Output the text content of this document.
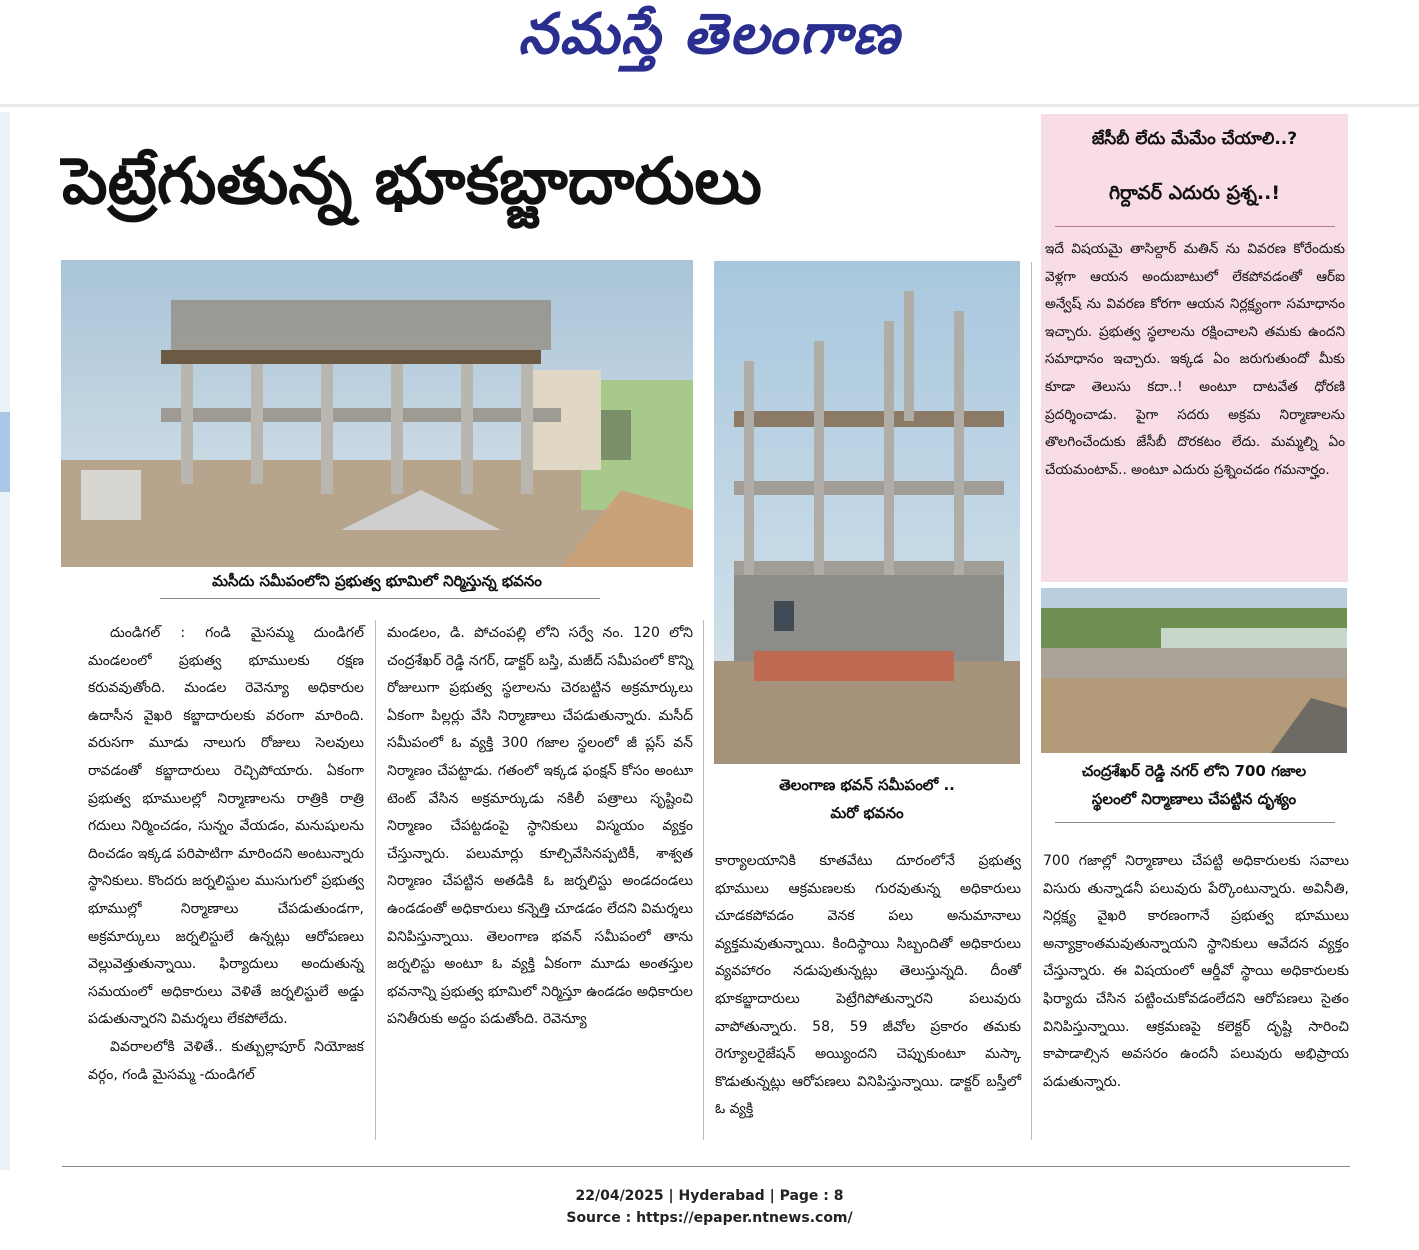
నమస్తే తెలంగాణ
పెట్రేగుతున్న భూకబ్జాదారులు
మసీదు సమీపంలోని ప్రభుత్వ భూమిలో నిర్మిస్తున్న భవనం
తెలంగాణ భవన్ సమీపంలో ..
మరో భవనం
జేసీబీ లేదు మేమేం చేయాలి..?
గిర్దావర్ ఎదురు ప్రశ్న..!
ఇదే విషయమై తాసిల్దార్ మతిన్ ను వివరణ కోరేందుకు వెళ్లగా ఆయన అందుబాటులో లేకపోవడంతో ఆర్ఐ అన్వేష్ ను వివరణ కోరగా ఆయన నిర్లక్ష్యంగా సమాధానం ఇచ్చారు. ప్రభుత్వ స్థలాలను రక్షించాలని తమకు ఉందని సమాధానం ఇచ్చారు. ఇక్కడ ఏం జరుగుతుందో మీకు కూడా తెలుసు కదా..! అంటూ దాటవేత ధోరణి ప్రదర్శించాడు. పైగా సదరు అక్రమ నిర్మాణాలను తొలగించేందుకు జేసీబీ దొరకటం లేదు. మమ్మల్ని ఏం చేయమంటావ్.. అంటూ ఎదురు ప్రశ్నించడం గమనార్హం.
చంద్రశేఖర్ రెడ్డి నగర్ లోని 700 గజాల
స్థలంలో నిర్మాణాలు చేపట్టిన దృశ్యం

దుండిగల్ : గండి మైసమ్మ దుండిగల్ మండలంలో ప్రభుత్వ భూములకు రక్షణ కరువవుతోంది. మండల రెవెన్యూ అధికారుల ఉదాసీన వైఖరి కబ్జాదారులకు వరంగా మారింది. వరుసగా మూడు నాలుగు రోజులు సెలవులు రావడంతో కబ్జాదారులు రెచ్చిపోయారు. ఏకంగా ప్రభుత్వ భూములల్లో నిర్మాణాలను రాత్రికి రాత్రి గదులు నిర్మించడం, సున్నం వేయడం, మనుషులను దించడం ఇక్కడ పరిపాటిగా మారిందని అంటున్నారు స్థానికులు. కొందరు జర్నలిస్టుల ముసుగులో ప్రభుత్వ భూముల్లో నిర్మాణాలు చేపడుతుండగా, అక్రమార్కులు జర్నలిస్టులే ఉన్నట్లు ఆరోపణలు వెల్లువెత్తుతున్నాయి. ఫిర్యాదులు అందుతున్న సమయంలో అధికారులు వెళితే జర్నలిస్టులే అడ్డు పడుతున్నారని విమర్శలు లేకపోలేదు.

వివరాలలోకి వెళితే.. కుత్బుల్లాపూర్ నియోజక వర్గం, గండి మైసమ్మ -దుండిగల్

మండలం, డి. పోచంపల్లి లోని సర్వే నం. 120 లోని చంద్రశేఖర్ రెడ్డి నగర్, డాక్టర్ బస్తి, మజీద్ సమీపంలో కొన్ని రోజులుగా ప్రభుత్వ స్థలాలను చెరబట్టిన అక్రమార్కులు ఏకంగా పిల్లర్లు వేసి నిర్మాణాలు చేపడుతున్నారు. మసీద్ సమీపంలో ఓ వ్యక్తి 300 గజాల స్థలంలో జీ ప్లస్ వన్ నిర్మాణం చేపట్టాడు. గతంలో ఇక్కడ ఫంక్షన్ కోసం అంటూ టెంట్ వేసిన అక్రమార్కుడు నకిలీ పత్రాలు సృష్టించి నిర్మాణం చేపట్టడంపై స్థానికులు విస్మయం వ్యక్తం చేస్తున్నారు. పలుమార్లు కూల్చివేసినప్పటికీ, శాశ్వత నిర్మాణం చేపట్టిన అతడికి ఓ జర్నలిస్టు అండదండలు ఉండడంతో అధికారులు కన్నెత్తి చూడడం లేదని విమర్శలు వినిపిస్తున్నాయి. తెలంగాణ భవన్ సమీపంలో తాను జర్నలిస్టు అంటూ ఓ వ్యక్తి ఏకంగా మూడు అంతస్తుల భవనాన్ని ప్రభుత్వ భూమిలో నిర్మిస్తూ ఉండడం అధికారుల పనితీరుకు అద్దం పడుతోంది. రెవెన్యూ

కార్యాలయానికి కూతవేటు దూరంలోనే ప్రభుత్వ భూములు ఆక్రమణలకు గురవుతున్న అధికారులు చూడకపోవడం వెనక పలు అనుమానాలు వ్యక్తమవుతున్నాయి. కిందిస్థాయి సిబ్బందితో అధికారులు వ్యవహారం నడుపుతున్నట్లు తెలుస్తున్నది. దీంతో భూకబ్జాదారులు పెట్రేగిపోతున్నారని పలువురు వాపోతున్నారు. 58, 59 జీవోల ప్రకారం తమకు రెగ్యూలరైజేషన్ అయ్యిందని చెప్పుకుంటూ మస్కా కొడుతున్నట్లు ఆరోపణలు వినిపిస్తున్నాయి. డాక్టర్ బస్తీలో ఓ వ్యక్తి

700 గజాల్లో నిర్మాణాలు చేపట్టి అధికారులకు సవాలు విసురు తున్నాడనీ పలువురు పేర్కొంటున్నారు. అవినీతి, నిర్లక్ష్య వైఖరి కారణంగానే ప్రభుత్వ భూములు అన్యాక్రాంతమవుతున్నాయని స్థానికులు ఆవేదన వ్యక్తం చేస్తున్నారు. ఈ విషయంలో ఆర్డీవో స్థాయి అధికారులకు ఫిర్యాదు చేసిన పట్టించుకోవడంలేదని ఆరోపణలు సైతం వినిపిస్తున్నాయి. ఆక్రమణపై కలెక్టర్ దృష్టి సారించి కాపాడాల్సిన అవసరం ఉందనీ పలువురు అభిప్రాయ పడుతున్నారు.

22/04/2025 | Hyderabad | Page : 8
Source : https://epaper.ntnews.com/
